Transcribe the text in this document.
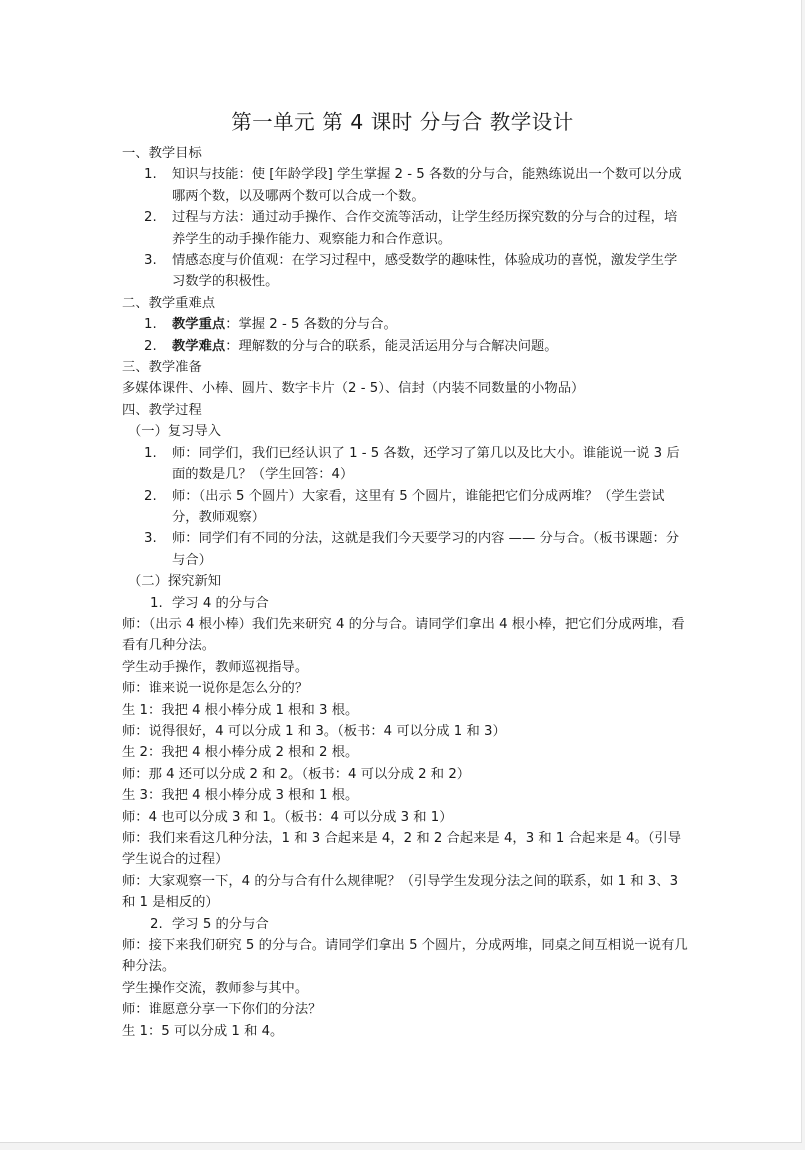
第一单元 第 4 课时 分与合 教学设计

一、教学目标

1. 知识与技能：使 [年龄学段] 学生掌握 2 - 5 各数的分与合，能熟练说出一个数可以分成哪两个数，以及哪两个数可以合成一个数。
2. 过程与方法：通过动手操作、合作交流等活动，让学生经历探究数的分与合的过程，培养学生的动手操作能力、观察能力和合作意识。
3. 情感态度与价值观：在学习过程中，感受数学的趣味性，体验成功的喜悦，激发学生学习数学的积极性。

二、教学重难点

1. 教学重点：掌握 2 - 5 各数的分与合。
2. 教学难点：理解数的分与合的联系，能灵活运用分与合解决问题。

三、教学准备

多媒体课件、小棒、圆片、数字卡片（2 - 5）、信封（内装不同数量的小物品）

四、教学过程

（一）复习导入

1. 师：同学们，我们已经认识了 1 - 5 各数，还学习了第几以及比大小。谁能说一说 3 后面的数是几？（学生回答：4）
2. 师：（出示 5 个圆片）大家看，这里有 5 个圆片，谁能把它们分成两堆？（学生尝试分，教师观察）
3. 师：同学们有不同的分法，这就是我们今天要学习的内容 —— 分与合。（板书课题：分与合）

（二）探究新知

1. 学习 4 的分与合

师：（出示 4 根小棒）我们先来研究 4 的分与合。请同学们拿出 4 根小棒，把它们分成两堆，看看有几种分法。

学生动手操作，教师巡视指导。

师：谁来说一说你是怎么分的？

生 1：我把 4 根小棒分成 1 根和 3 根。

师：说得很好，4 可以分成 1 和 3。（板书：4 可以分成 1 和 3）

生 2：我把 4 根小棒分成 2 根和 2 根。

师：那 4 还可以分成 2 和 2。（板书：4 可以分成 2 和 2）

生 3：我把 4 根小棒分成 3 根和 1 根。

师：4 也可以分成 3 和 1。（板书：4 可以分成 3 和 1）

师：我们来看这几种分法，1 和 3 合起来是 4，2 和 2 合起来是 4，3 和 1 合起来是 4。（引导学生说合的过程）

师：大家观察一下，4 的分与合有什么规律呢？（引导学生发现分法之间的联系，如 1 和 3、3 和 1 是相反的）

2. 学习 5 的分与合

师：接下来我们研究 5 的分与合。请同学们拿出 5 个圆片，分成两堆，同桌之间互相说一说有几种分法。

学生操作交流，教师参与其中。

师：谁愿意分享一下你们的分法？

生 1：5 可以分成 1 和 4。
